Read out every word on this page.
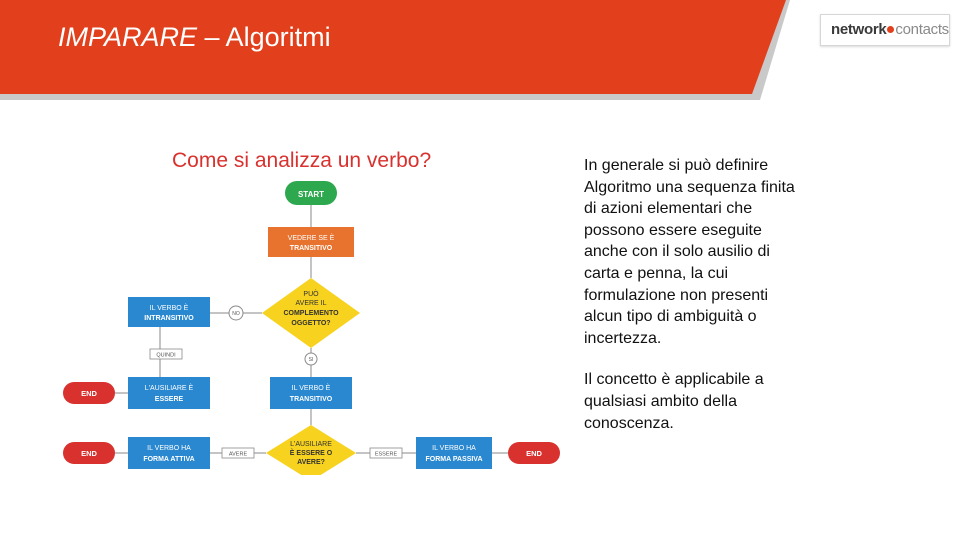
IMPARARE – Algoritmi	network contacts
Come si analizza un verbo?
START
VEDERE SE È
TRANSITIVO
PUÒ
AVERE IL
COMPLEMENTO
OGGETTO?
NO
IL VERBO È
INTRANSITIVO
QUINDI
SI
L'AUSILIARE È
ESSERE
IL VERBO È
TRANSITIVO
END
L'AUSILIARE
È ESSERE O
AVERE?
AVERE	ESSERE
IL VERBO HA
FORMA ATTIVA
IL VERBO HA
FORMA PASSIVA
END	END

In generale si può definire Algoritmo una sequenza finita di azioni elementari che possono essere eseguite anche con il solo ausilio di carta e penna, la cui formulazione non presenti alcun tipo di ambiguità o incertezza.

Il concetto è applicabile a qualsiasi ambito della conoscenza.
